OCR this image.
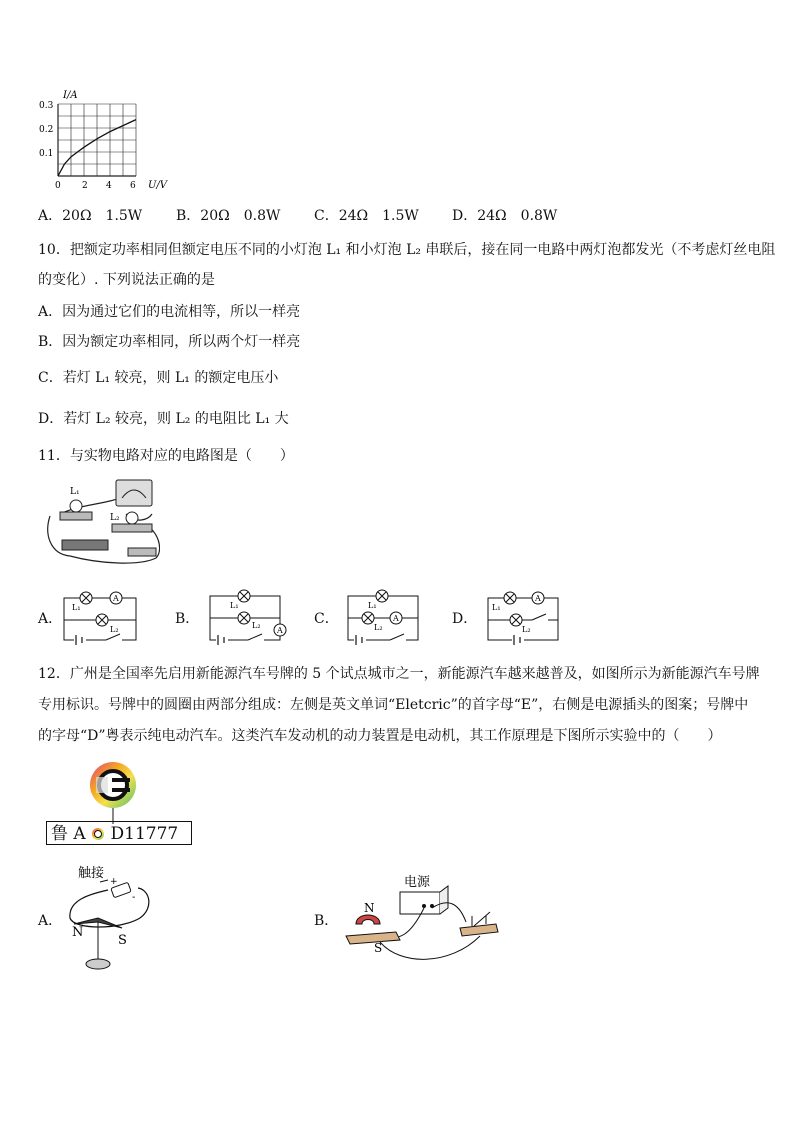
I/A
U/V
0.3
0.2
0.1
0 2 4 6
A．20Ω　1.5W B．20Ω　0.8W C．24Ω　1.5W D．24Ω　0.8W
10．把额定功率相同但额定电压不同的小灯泡 L₁ 和小灯泡 L₂ 串联后，接在同一电路中两灯泡都发光（不考虑灯丝电阻
的变化）. 下列说法正确的是
A．因为通过它们的电流相等，所以一样亮
B．因为额定功率相同，所以两个灯一样亮
C．若灯 L₁ 较亮，则 L₁ 的额定电压小
D．若灯 L₂ 较亮，则 L₂ 的电阻比 L₁ 大
11．与实物电路对应的电路图是（　　）
L₁
L₂
A．	B．	C．	D．
A
L₁
L₂	A
L₁
L₂
A
L₁
L₂
A
L₁
L₂
12．广州是全国率先启用新能源汽车号牌的 5 个试点城市之一，新能源汽车越来越普及，如图所示为新能源汽车号牌
专用标识。号牌中的圆圈由两部分组成：左侧是英文单词“Eletcric”的首字母“E”，右侧是电源插头的图案；号牌中
的字母“D”粤表示纯电动汽车。这类汽车发动机的动力装置是电动机，其工作原理是下图所示实验中的（　　）
鲁 A D11777
A．
触接
+
-
N
S
B．
电源
N
S
